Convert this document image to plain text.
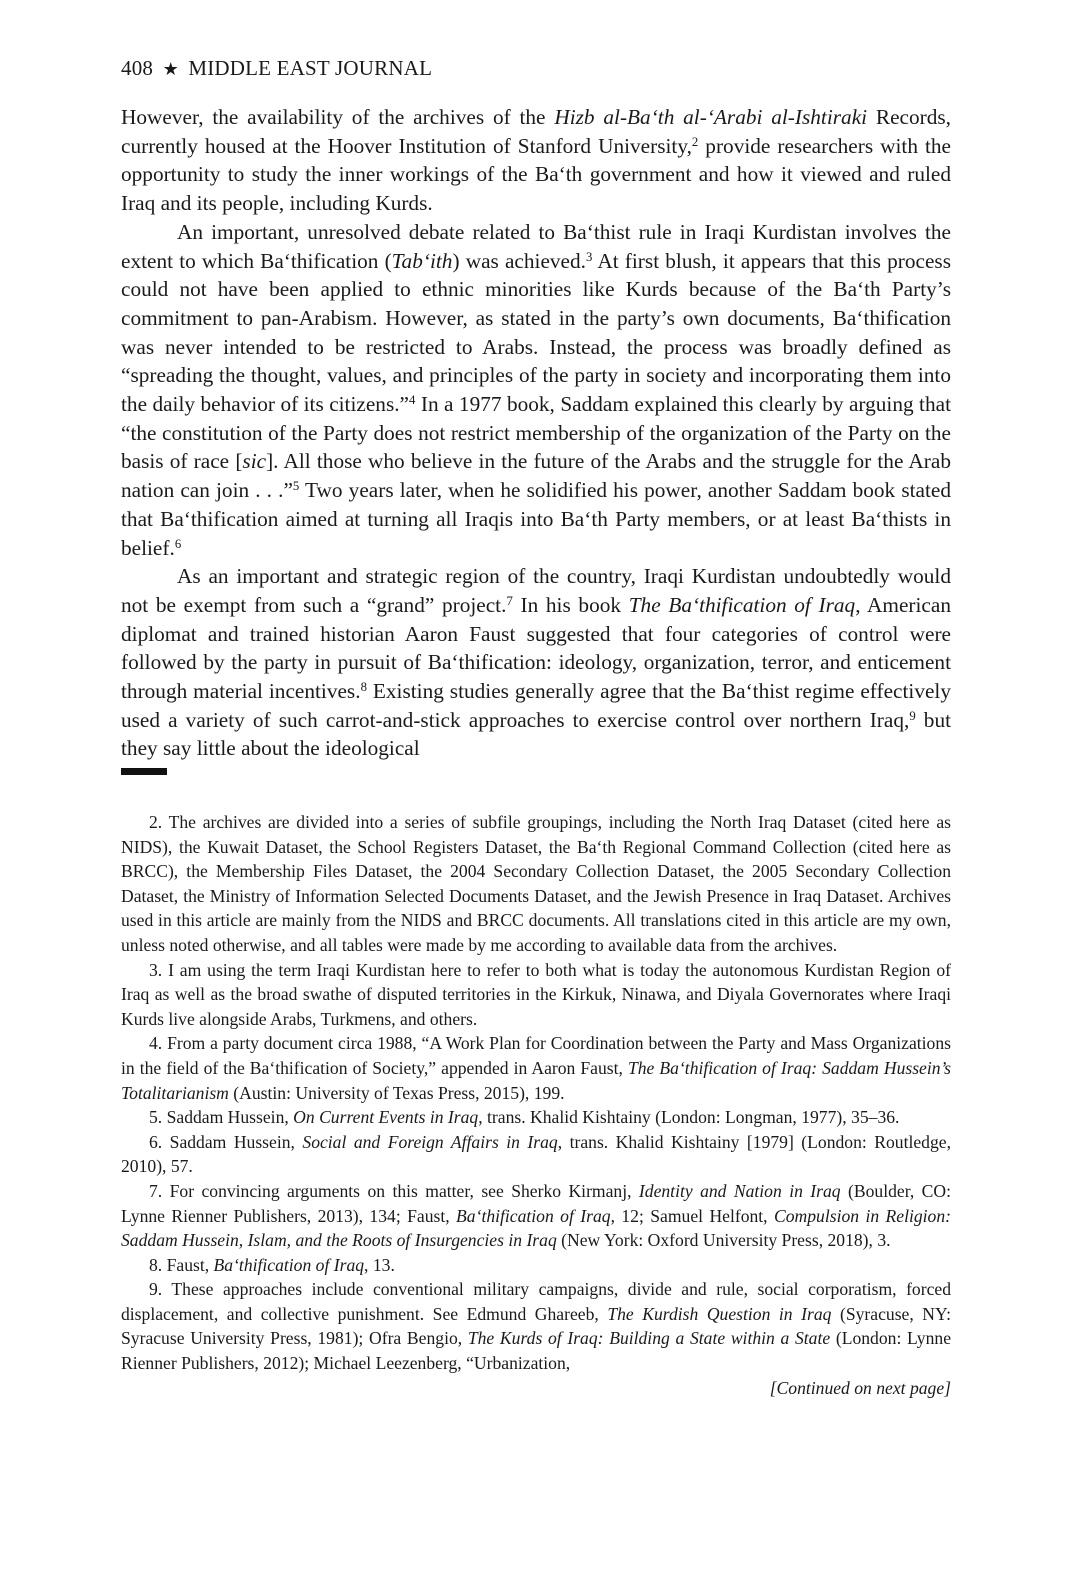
408 ★ MIDDLE EAST JOURNAL

However, the availability of the archives of the Hizb al-Ba‘th al-‘Arabi al-Ishtiraki Records, currently housed at the Hoover Institution of Stanford University,$^2$ provide researchers with the opportunity to study the inner workings of the Ba‘th government and how it viewed and ruled Iraq and its people, including Kurds.

An important, unresolved debate related to Ba‘thist rule in Iraqi Kurdistan involves the extent to which Ba‘thification (Tab‘ith) was achieved.$^3$ At first blush, it appears that this process could not have been applied to ethnic minorities like Kurds because of the Ba‘th Party’s commitment to pan-Arabism. However, as stated in the party’s own documents, Ba‘thification was never intended to be restricted to Arabs. Instead, the process was broadly defined as “spreading the thought, values, and principles of the party in society and incorporating them into the daily behavior of its citizens.”$^4$ In a 1977 book, Saddam explained this clearly by arguing that “the constitution of the Party does not restrict membership of the organization of the Party on the basis of race [sic]. All those who believe in the future of the Arabs and the struggle for the Arab nation can join . . .”$^5$ Two years later, when he solidified his power, another Saddam book stated that Ba‘thification aimed at turning all Iraqis into Ba‘th Party members, or at least Ba‘thists in belief.$^6$

As an important and strategic region of the country, Iraqi Kurdistan undoubtedly would not be exempt from such a “grand” project.$^7$ In his book The Ba‘thification of Iraq, American diplomat and trained historian Aaron Faust suggested that four categories of control were followed by the party in pursuit of Ba‘thification: ideology, organization, terror, and enticement through material incentives.$^8$ Existing studies generally agree that the Ba‘thist regime effectively used a variety of such carrot-and-stick approaches to exercise control over northern Iraq,$^9$ but they say little about the ideological

2. The archives are divided into a series of subfile groupings, including the North Iraq Dataset (cited here as NIDS), the Kuwait Dataset, the School Registers Dataset, the Ba‘th Regional Command Collection (cited here as BRCC), the Membership Files Dataset, the 2004 Secondary Collection Dataset, the 2005 Secondary Collection Dataset, the Ministry of Information Selected Documents Dataset, and the Jewish Presence in Iraq Dataset. Archives used in this article are mainly from the NIDS and BRCC documents. All translations cited in this article are my own, unless noted otherwise, and all tables were made by me according to available data from the archives.

3. I am using the term Iraqi Kurdistan here to refer to both what is today the autonomous Kurdistan Region of Iraq as well as the broad swathe of disputed territories in the Kirkuk, Ninawa, and Diyala Governorates where Iraqi Kurds live alongside Arabs, Turkmens, and others.

4. From a party document circa 1988, “A Work Plan for Coordination between the Party and Mass Organizations in the field of the Ba‘thification of Society,” appended in Aaron Faust, The Ba‘thification of Iraq: Saddam Hussein’s Totalitarianism (Austin: University of Texas Press, 2015), 199.

5. Saddam Hussein, On Current Events in Iraq, trans. Khalid Kishtainy (London: Longman, 1977), 35–36.

6. Saddam Hussein, Social and Foreign Affairs in Iraq, trans. Khalid Kishtainy [1979] (London: Routledge, 2010), 57.

7. For convincing arguments on this matter, see Sherko Kirmanj, Identity and Nation in Iraq (Boulder, CO: Lynne Rienner Publishers, 2013), 134; Faust, Ba‘thification of Iraq, 12; Samuel Helfont, Compulsion in Religion: Saddam Hussein, Islam, and the Roots of Insurgencies in Iraq (New York: Oxford University Press, 2018), 3.

8. Faust, Ba‘thification of Iraq, 13.

9. These approaches include conventional military campaigns, divide and rule, social corporatism, forced displacement, and collective punishment. See Edmund Ghareeb, The Kurdish Question in Iraq (Syracuse, NY: Syracuse University Press, 1981); Ofra Bengio, The Kurds of Iraq: Building a State within a State (London: Lynne Rienner Publishers, 2012); Michael Leezenberg, “Urbanization,

[Continued on next page]
